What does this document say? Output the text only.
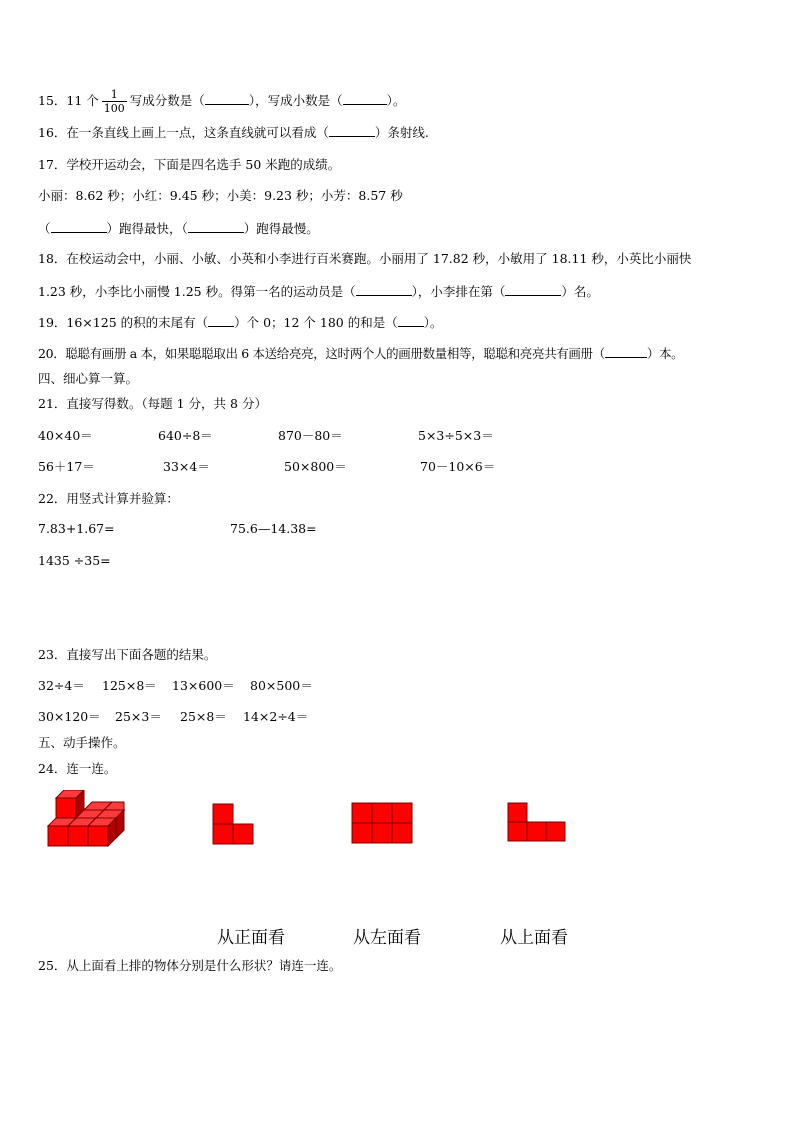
15．11 个 $\frac{1}{100}$ 写成分数是（	），写成小数是（	）。
16．在一条直线上画上一点，这条直线就可以看成（	）条射线.
17．学校开运动会，下面是四名选手 50 米跑的成绩。
小丽：8.62 秒；小红：9.45 秒；小美：9.23 秒；小芳：8.57 秒
（	）跑得最快，（	）跑得最慢。
18．在校运动会中，小丽、小敏、小英和小李进行百米赛跑。小丽用了 17.82 秒，小敏用了 18.11 秒，小英比小丽快
1.23 秒，小李比小丽慢 1.25 秒。得第一名的运动员是（	），小李排在第（	）名。
19．16×125 的积的末尾有（ ）个 0；12 个 180 的和是（ ）。
20．聪聪有画册 a 本，如果聪聪取出 6 本送给亮亮，这时两个人的画册数量相等，聪聪和亮亮共有画册（	）本。
四、细心算一算。
21．直接写得数。（每题 1 分，共 8 分）
40×40＝	640÷8＝	870－80＝	5×3÷5×3＝
56＋17＝	33×4＝	50×800＝	70－10×6＝
22．用竖式计算并验算：
7.83+1.67=	75.6—14.38=
1435 ÷35=
23．直接写出下面各题的结果。
32÷4＝ 125×8＝ 13×600＝ 80×500＝
30×120＝ 25×3＝ 25×8＝ 14×2÷4＝
五、动手操作。
24．连一连。
从正面看	从左面看	从上面看
25．从上面看上排的物体分别是什么形状？请连一连。
